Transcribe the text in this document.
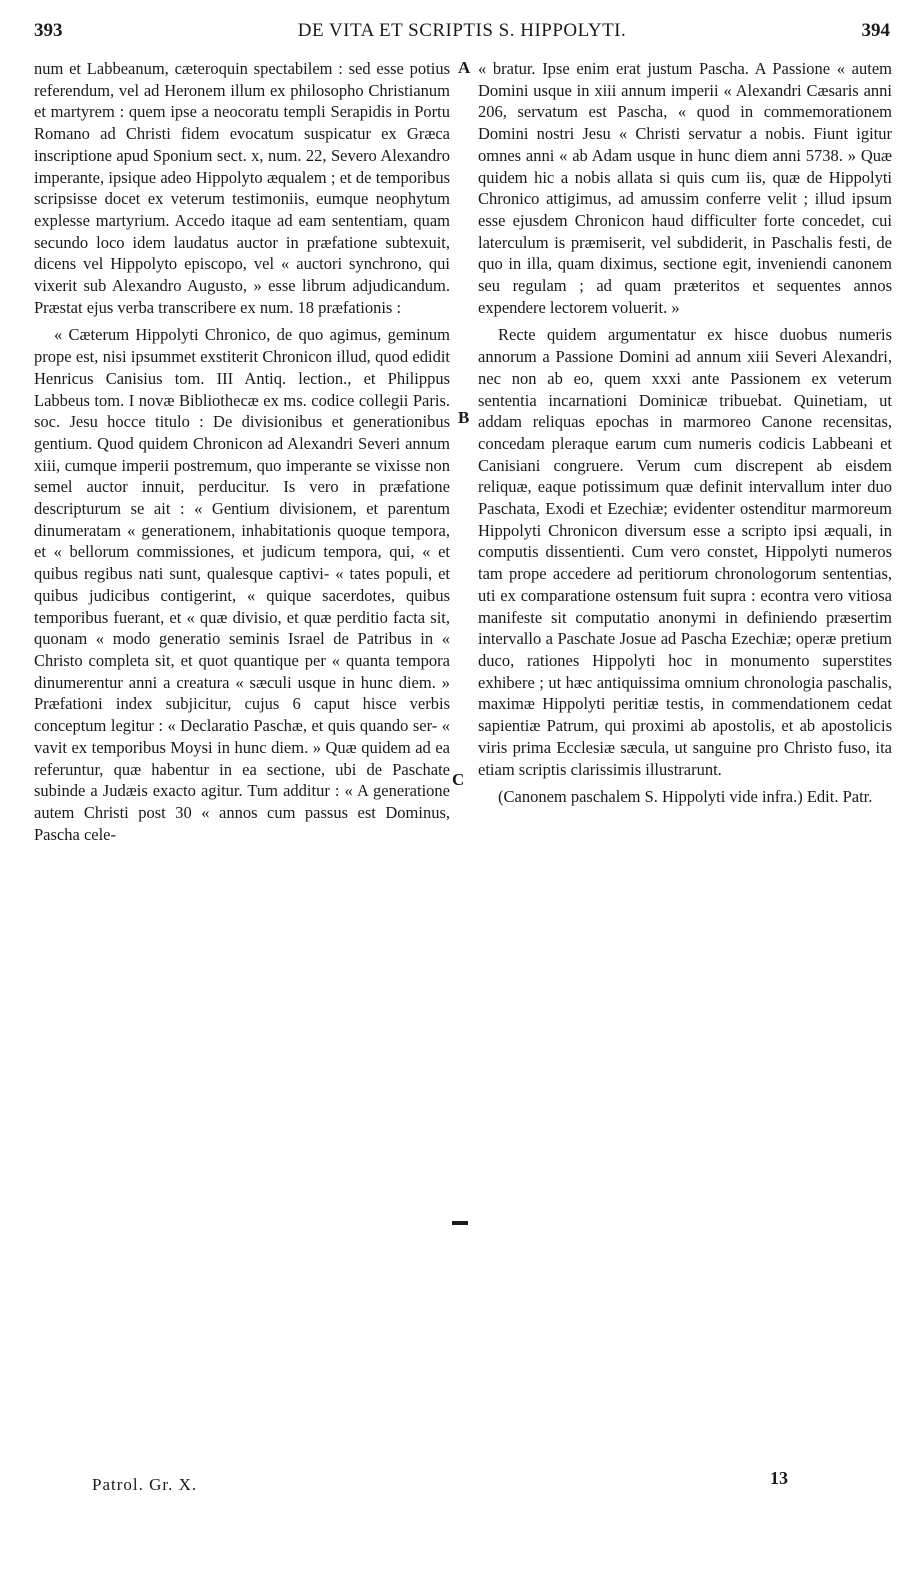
DE VITA ET SCRIPTIS S. HIPPOLYTI.
393	394

num et Labbeanum, cæteroquin spectabilem : sed esse potius referendum, vel ad Heronem illum ex philosopho Christianum et martyrem : quem ipse a neocoratu templi Serapidis in Portu Romano ad Christi fidem evocatum suspicatur ex Græca inscriptione apud Sponium sect. x, num. 22, Severo Alexandro imperante, ipsique adeo Hippolyto æqualem ; et de temporibus scripsisse docet ex veterum testimoniis, eumque neophytum explesse martyrium. Accedo itaque ad eam sententiam, quam secundo loco idem laudatus auctor in præfatione subtexuit, dicens vel Hippolyto episcopo, vel « auctori synchrono, qui vixerit sub Alexandro Augusto, » esse librum adjudicandum. Præstat ejus verba transcribere ex num. 18 præfationis :

« Cæterum Hippolyti Chronico, de quo agimus, geminum prope est, nisi ipsummet exstiterit Chronicon illud, quod edidit Henricus Canisius tom. III Antiq. lection., et Philippus Labbeus tom. I novæ Bibliothecæ ex ms. codice collegii Paris. soc. Jesu hocce titulo : De divisionibus et generationibus gentium. Quod quidem Chronicon ad Alexandri Severi annum xiii, cumque imperii postremum, quo imperante se vixisse non semel auctor innuit, perducitur. Is vero in præfatione descripturum se ait : « Gentium divisionem, et parentum dinumeratam « generationem, inhabitationis quoque tempora, et « bellorum commissiones, et judicum tempora, qui, « et quibus regibus nati sunt, qualesque captivi- « tates populi, et quibus judicibus contigerint, « quique sacerdotes, quibus temporibus fuerant, et « quæ divisio, et quæ perditio facta sit, quonam « modo generatio seminis Israel de Patribus in « Christo completa sit, et quot quantique per « quanta tempora dinumerentur anni a creatura « sæculi usque in hunc diem. » Præfationi index subjicitur, cujus 6 caput hisce verbis conceptum legitur : « Declaratio Paschæ, et quis quando ser- « vavit ex temporibus Moysi in hunc diem. » Quæ quidem ad ea referuntur, quæ habentur in ea sectione, ubi de Paschate subinde a Judæis exacto agitur. Tum additur : « A generatione autem Christi post 30 « annos cum passus est Dominus, Pascha cele-

A
B
C

« bratur. Ipse enim erat justum Pascha. A Passione « autem Domini usque in xiii annum imperii « Alexandri Cæsaris anni 206, servatum est Pascha, « quod in commemorationem Domini nostri Jesu « Christi servatur a nobis. Fiunt igitur omnes anni « ab Adam usque in hunc diem anni 5738. » Quæ quidem hic a nobis allata si quis cum iis, quæ de Hippolyti Chronico attigimus, ad amussim conferre velit ; illud ipsum esse ejusdem Chronicon haud difficulter forte concedet, cui laterculum is præmiserit, vel subdiderit, in Paschalis festi, de quo in illa, quam diximus, sectione egit, inveniendi canonem seu regulam ; ad quam præteritos et sequentes annos expendere lectorem voluerit. »

Recte quidem argumentatur ex hisce duobus numeris annorum a Passione Domini ad annum xiii Severi Alexandri, nec non ab eo, quem xxxi ante Passionem ex veterum sententia incarnationi Dominicæ tribuebat. Quinetiam, ut addam reliquas epochas in marmoreo Canone recensitas, concedam pleraque earum cum numeris codicis Labbeani et Canisiani congruere. Verum cum discrepent ab eisdem reliquæ, eaque potissimum quæ definit intervallum inter duo Paschata, Exodi et Ezechiæ; evidenter ostenditur marmoreum Hippolyti Chronicon diversum esse a scripto ipsi æquali, in computis dissentienti. Cum vero constet, Hippolyti numeros tam prope accedere ad peritiorum chronologorum sententias, uti ex comparatione ostensum fuit supra : econtra vero vitiosa manifeste sit computatio anonymi in definiendo præsertim intervallo a Paschate Josue ad Pascha Ezechiæ; operæ pretium duco, rationes Hippolyti hoc in monumento superstites exhibere ; ut hæc antiquissima omnium chronologia paschalis, maximæ Hippolyti peritiæ testis, in commendationem cedat sapientiæ Patrum, qui proximi ab apostolis, et ab apostolicis viris prima Ecclesiæ sæcula, ut sanguine pro Christo fuso, ita etiam scriptis clarissimis illustrarunt.

(Canonem paschalem S. Hippolyti vide infra.) Edit. Patr.

Patrol. Gr. X.	13
